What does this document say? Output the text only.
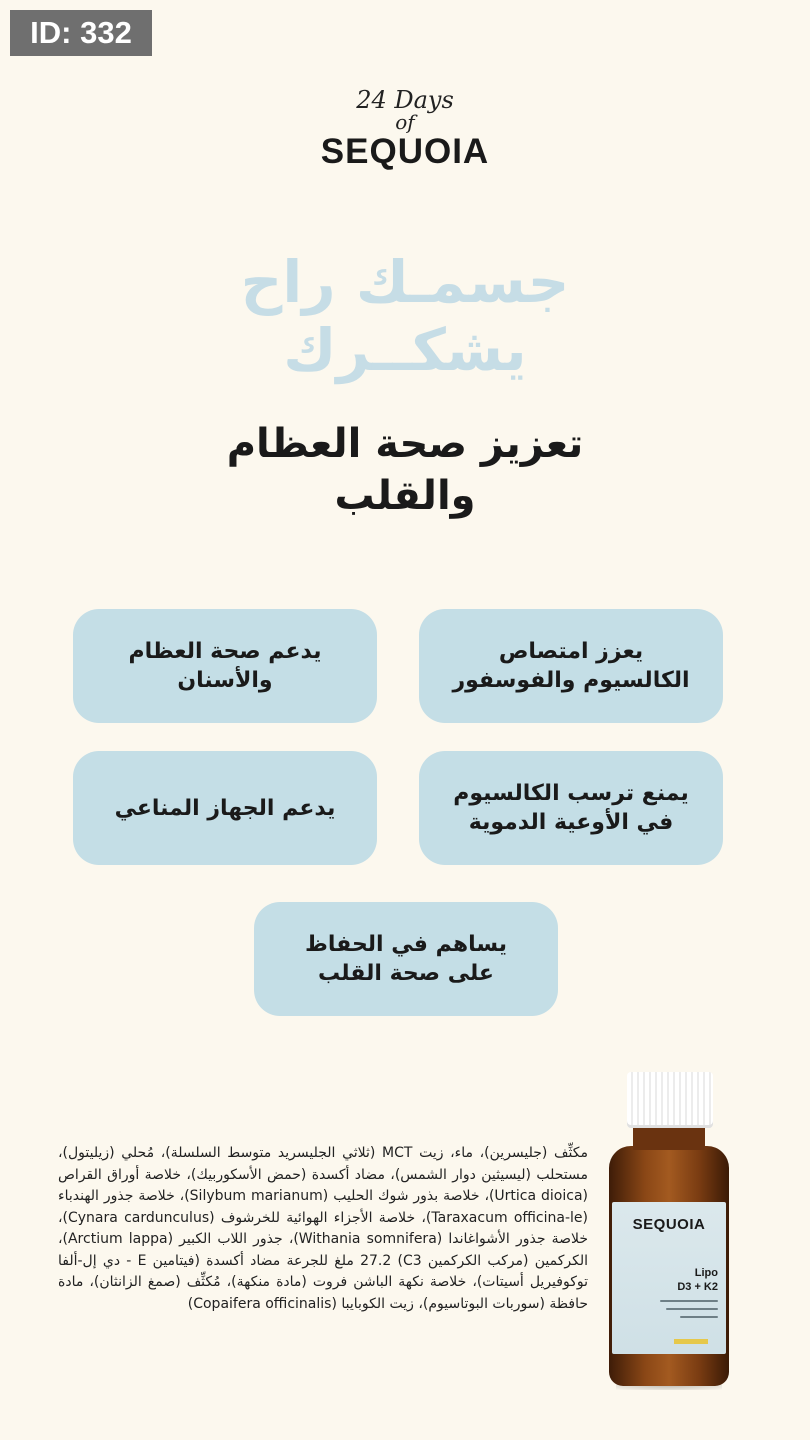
ID: 332
24 Days
of
SEQUOIA
جسمـك راح
يشكــرك
تعزيز صحة العظام
والقلب
يعزز امتصاص
الكالسيوم والفوسفور
يدعم صحة العظام
والأسنان
يمنع ترسب الكالسيوم
في الأوعية الدموية
يدعم الجهاز المناعي
يساهم في الحفاظ
على صحة القلب
مكثِّف (جليسرين)، ماء، زيت MCT (ثلاثي الجليسريد متوسط السلسلة)، مُحلي (زيليتول)، مستحلب (ليسيثين دوار الشمس)، مضاد أكسدة (حمض الأسكوربيك)، خلاصة أوراق القراص (Urtica dioica)، خلاصة بذور شوك الحليب (Silybum marianum)، خلاصة جذور الهندباء (Taraxacum officina-le)، خلاصة الأجزاء الهوائية للخرشوف (Cynara cardunculus)، خلاصة جذور الأشواغاندا (Withania somnifera)، جذور اللاب الكبير (Arctium lappa)، الكركمين (مركب الكركمين C3) 27.2 ملغ للجرعة مضاد أكسدة (فيتامين E - دي إل-ألفا توكوفيريل أسيتات)، خلاصة نكهة الباشن فروت (مادة منكهة)، مُكثِّف (صمغ الزانثان)، مادة حافظة (سوربات البوتاسيوم)، زيت الكوبايبا (Copaifera officinalis)
SEQUOIA
Lipo
D3 + K2
